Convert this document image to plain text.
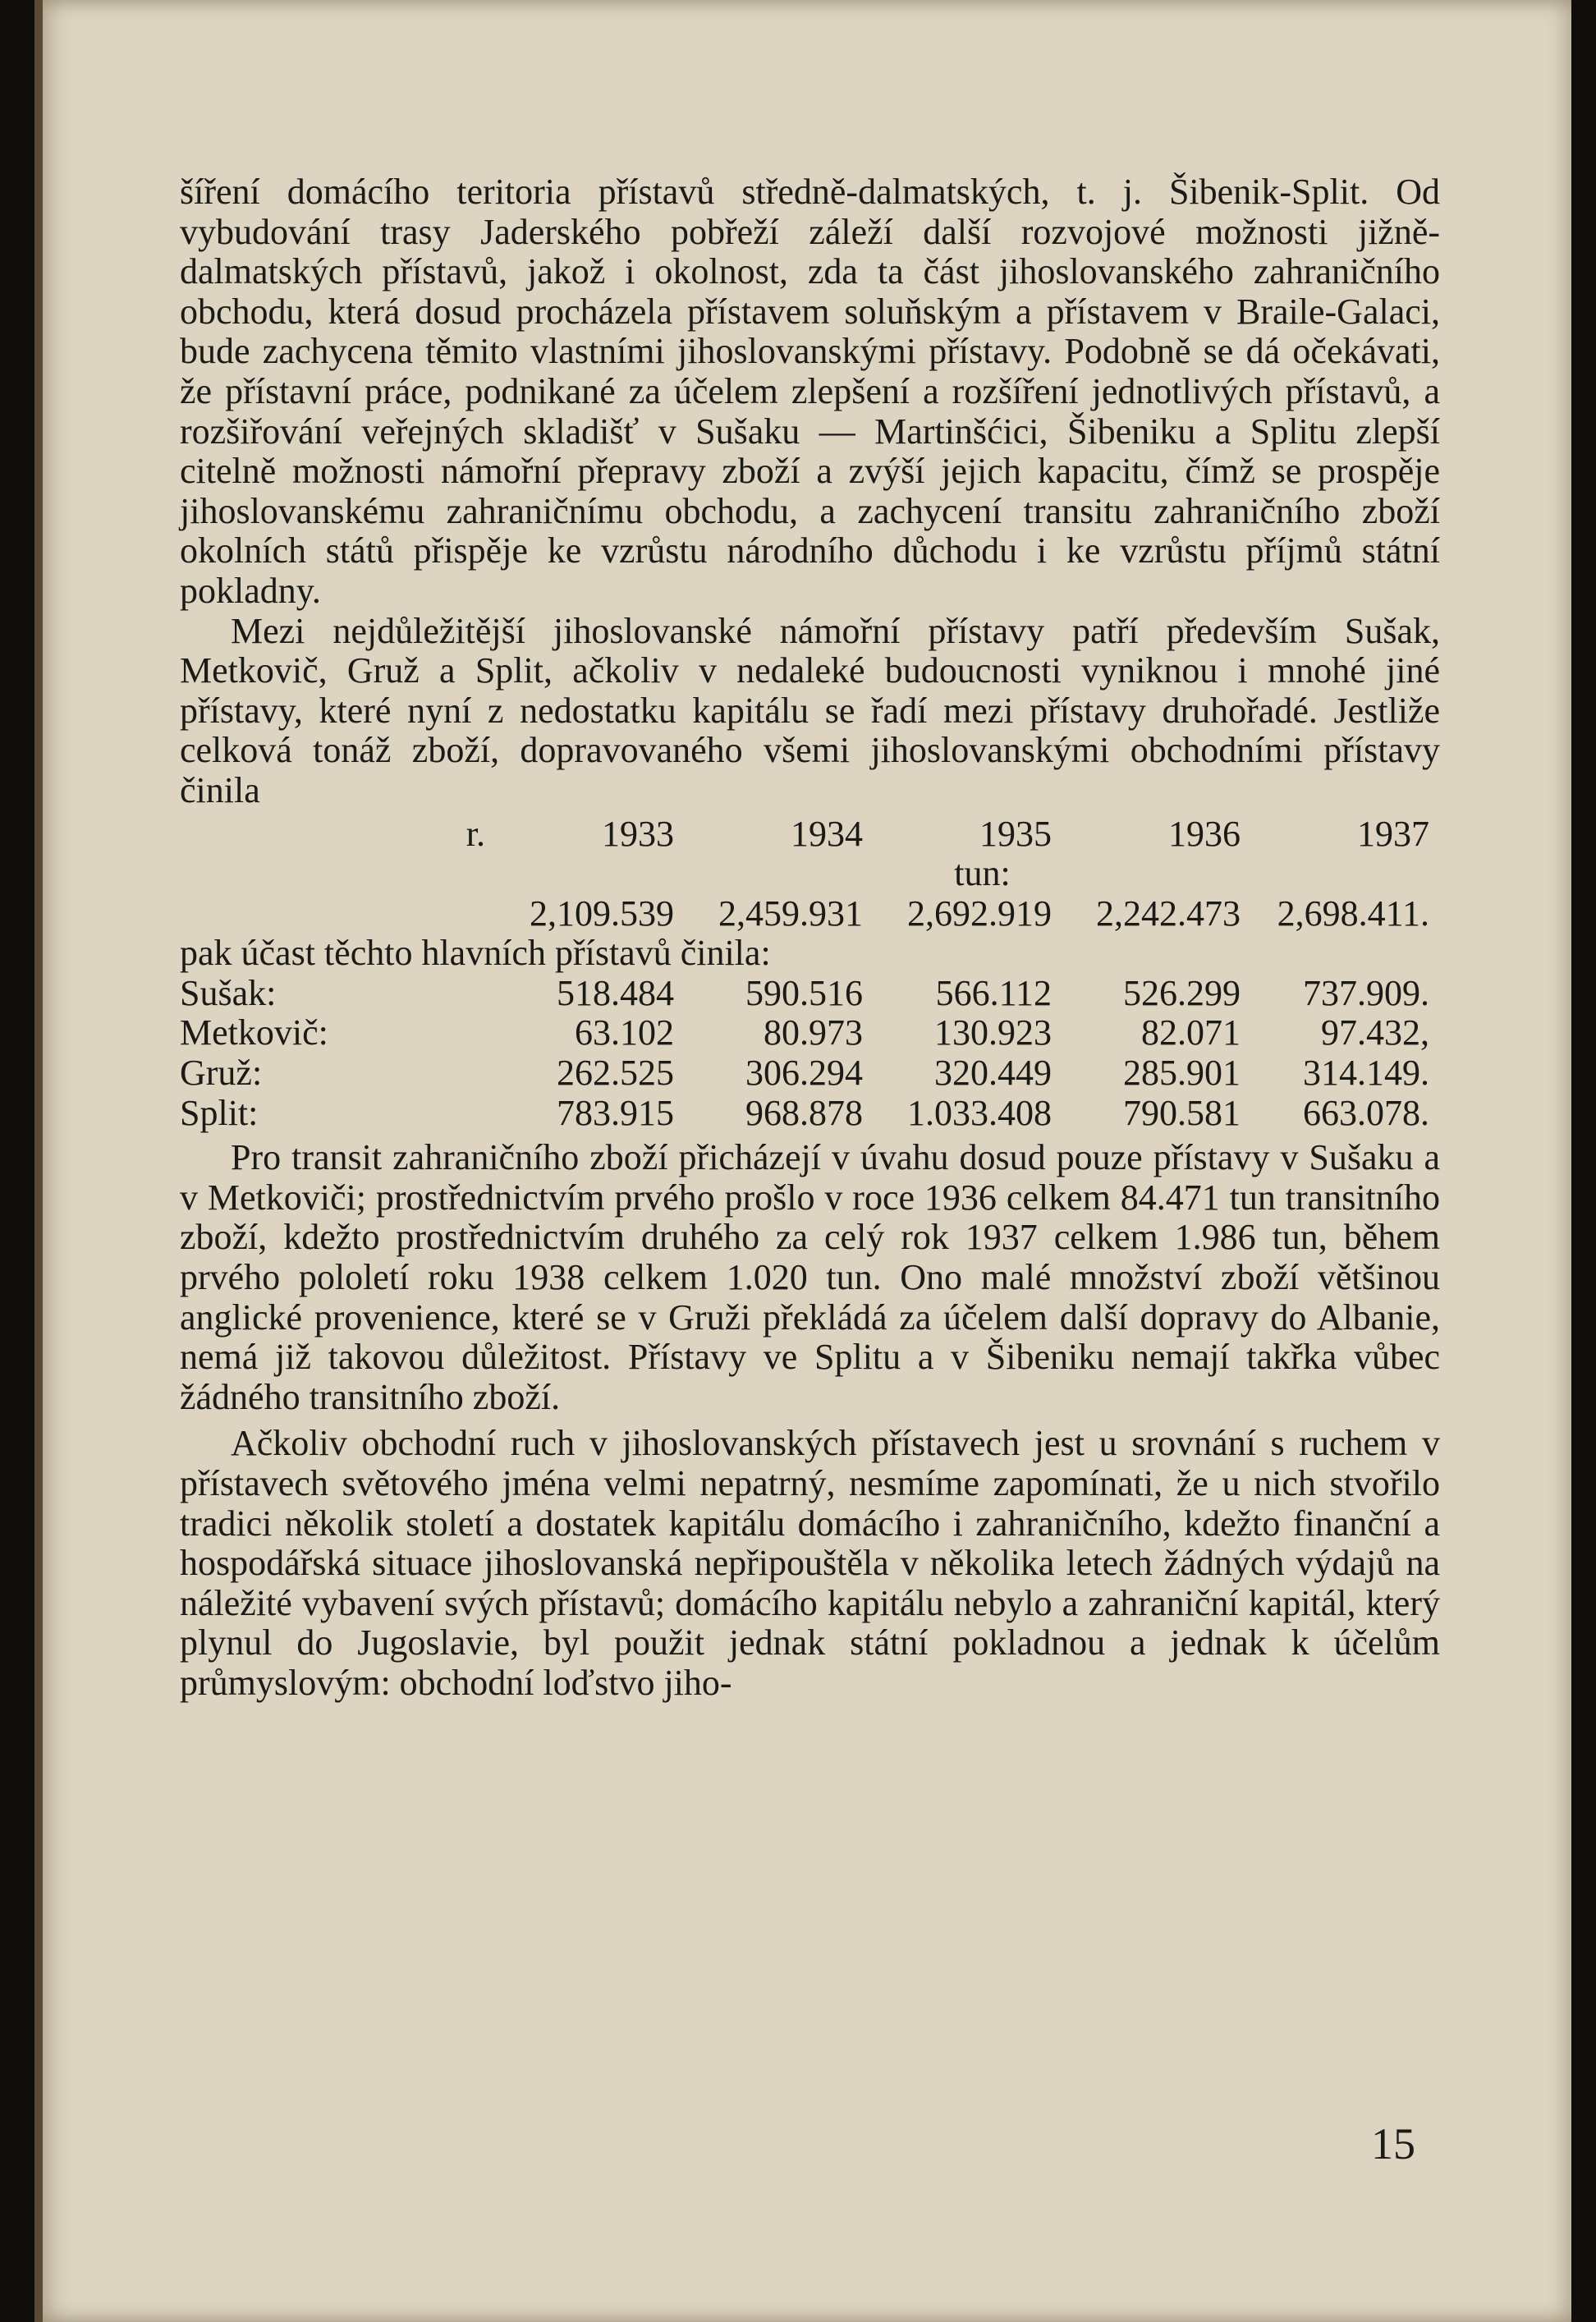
šíření domácího teritoria přístavů středně-dalmatských, t. j. Šibenik-Split. Od vybudování trasy Jaderského pobřeží záleží další rozvojové možnosti jižně-dalmatských přístavů, jakož i okolnost, zda ta část jihoslovanského zahraničního obchodu, která dosud procházela přístavem soluňským a přístavem v Braile-Galaci, bude zachycena těmito vlastními jihoslovanskými přístavy. Podobně se dá očekávati, že přístavní práce, podnikané za účelem zlepšení a rozšíření jednotlivých přístavů, a rozšiřování veřejných skladišť v Sušaku — Martinšćici, Šibeniku a Splitu zlepší citelně možnosti námořní přepravy zboží a zvýší jejich kapacitu, čímž se prospěje jihoslovanskému zahraničnímu obchodu, a zachycení transitu zahraničního zboží okolních států přispěje ke vzrůstu národního důchodu i ke vzrůstu příjmů státní pokladny.

Mezi nejdůležitější jihoslovanské námořní přístavy patří především Sušak, Metkovič, Gruž a Split, ačkoliv v nedaleké budoucnosti vyniknou i mnohé jiné přístavy, které nyní z nedostatku kapitálu se řadí mezi přístavy druhořadé. Jestliže celková tonáž zboží, dopravovaného všemi jihoslovanskými obchodními přístavy činila

r.	1933	1934	1935	1936	1937
tun:
2,109.539	2,459.931	2,692.919	2,242.473	2,698.411.
pak účast těchto hlavních přístavů činila:
Sušak:	518.484	590.516	566.112	526.299	737.909.
Metkovič:	63.102	80.973	130.923	82.071	97.432,
Gruž:	262.525	306.294	320.449	285.901	314.149.
Split:	783.915	968.878	1.033.408	790.581	663.078.

Pro transit zahraničního zboží přicházejí v úvahu dosud pouze přístavy v Sušaku a v Metkoviči; prostřednictvím prvého prošlo v roce 1936 celkem 84.471 tun transitního zboží, kdežto prostřednictvím druhého za celý rok 1937 celkem 1.986 tun, během prvého pololetí roku 1938 celkem 1.020 tun. Ono malé množství zboží většinou anglické provenience, které se v Gruži překládá za účelem další dopravy do Albanie, nemá již takovou důležitost. Přístavy ve Splitu a v Šibeniku nemají takřka vůbec žádného transitního zboží.

Ačkoliv obchodní ruch v jihoslovanských přístavech jest u srovnání s ruchem v přístavech světového jména velmi nepatrný, nesmíme zapomínati, že u nich stvořilo tradici několik století a dostatek kapitálu domácího i zahraničního, kdežto finanční a hospodářská situace jihoslovanská nepřipouštěla v několika letech žádných výdajů na náležité vybavení svých přístavů; domácího kapitálu nebylo a zahraniční kapitál, který plynul do Jugoslavie, byl použit jednak státní pokladnou a jednak k účelům průmyslovým: obchodní loďstvo jiho-

15
